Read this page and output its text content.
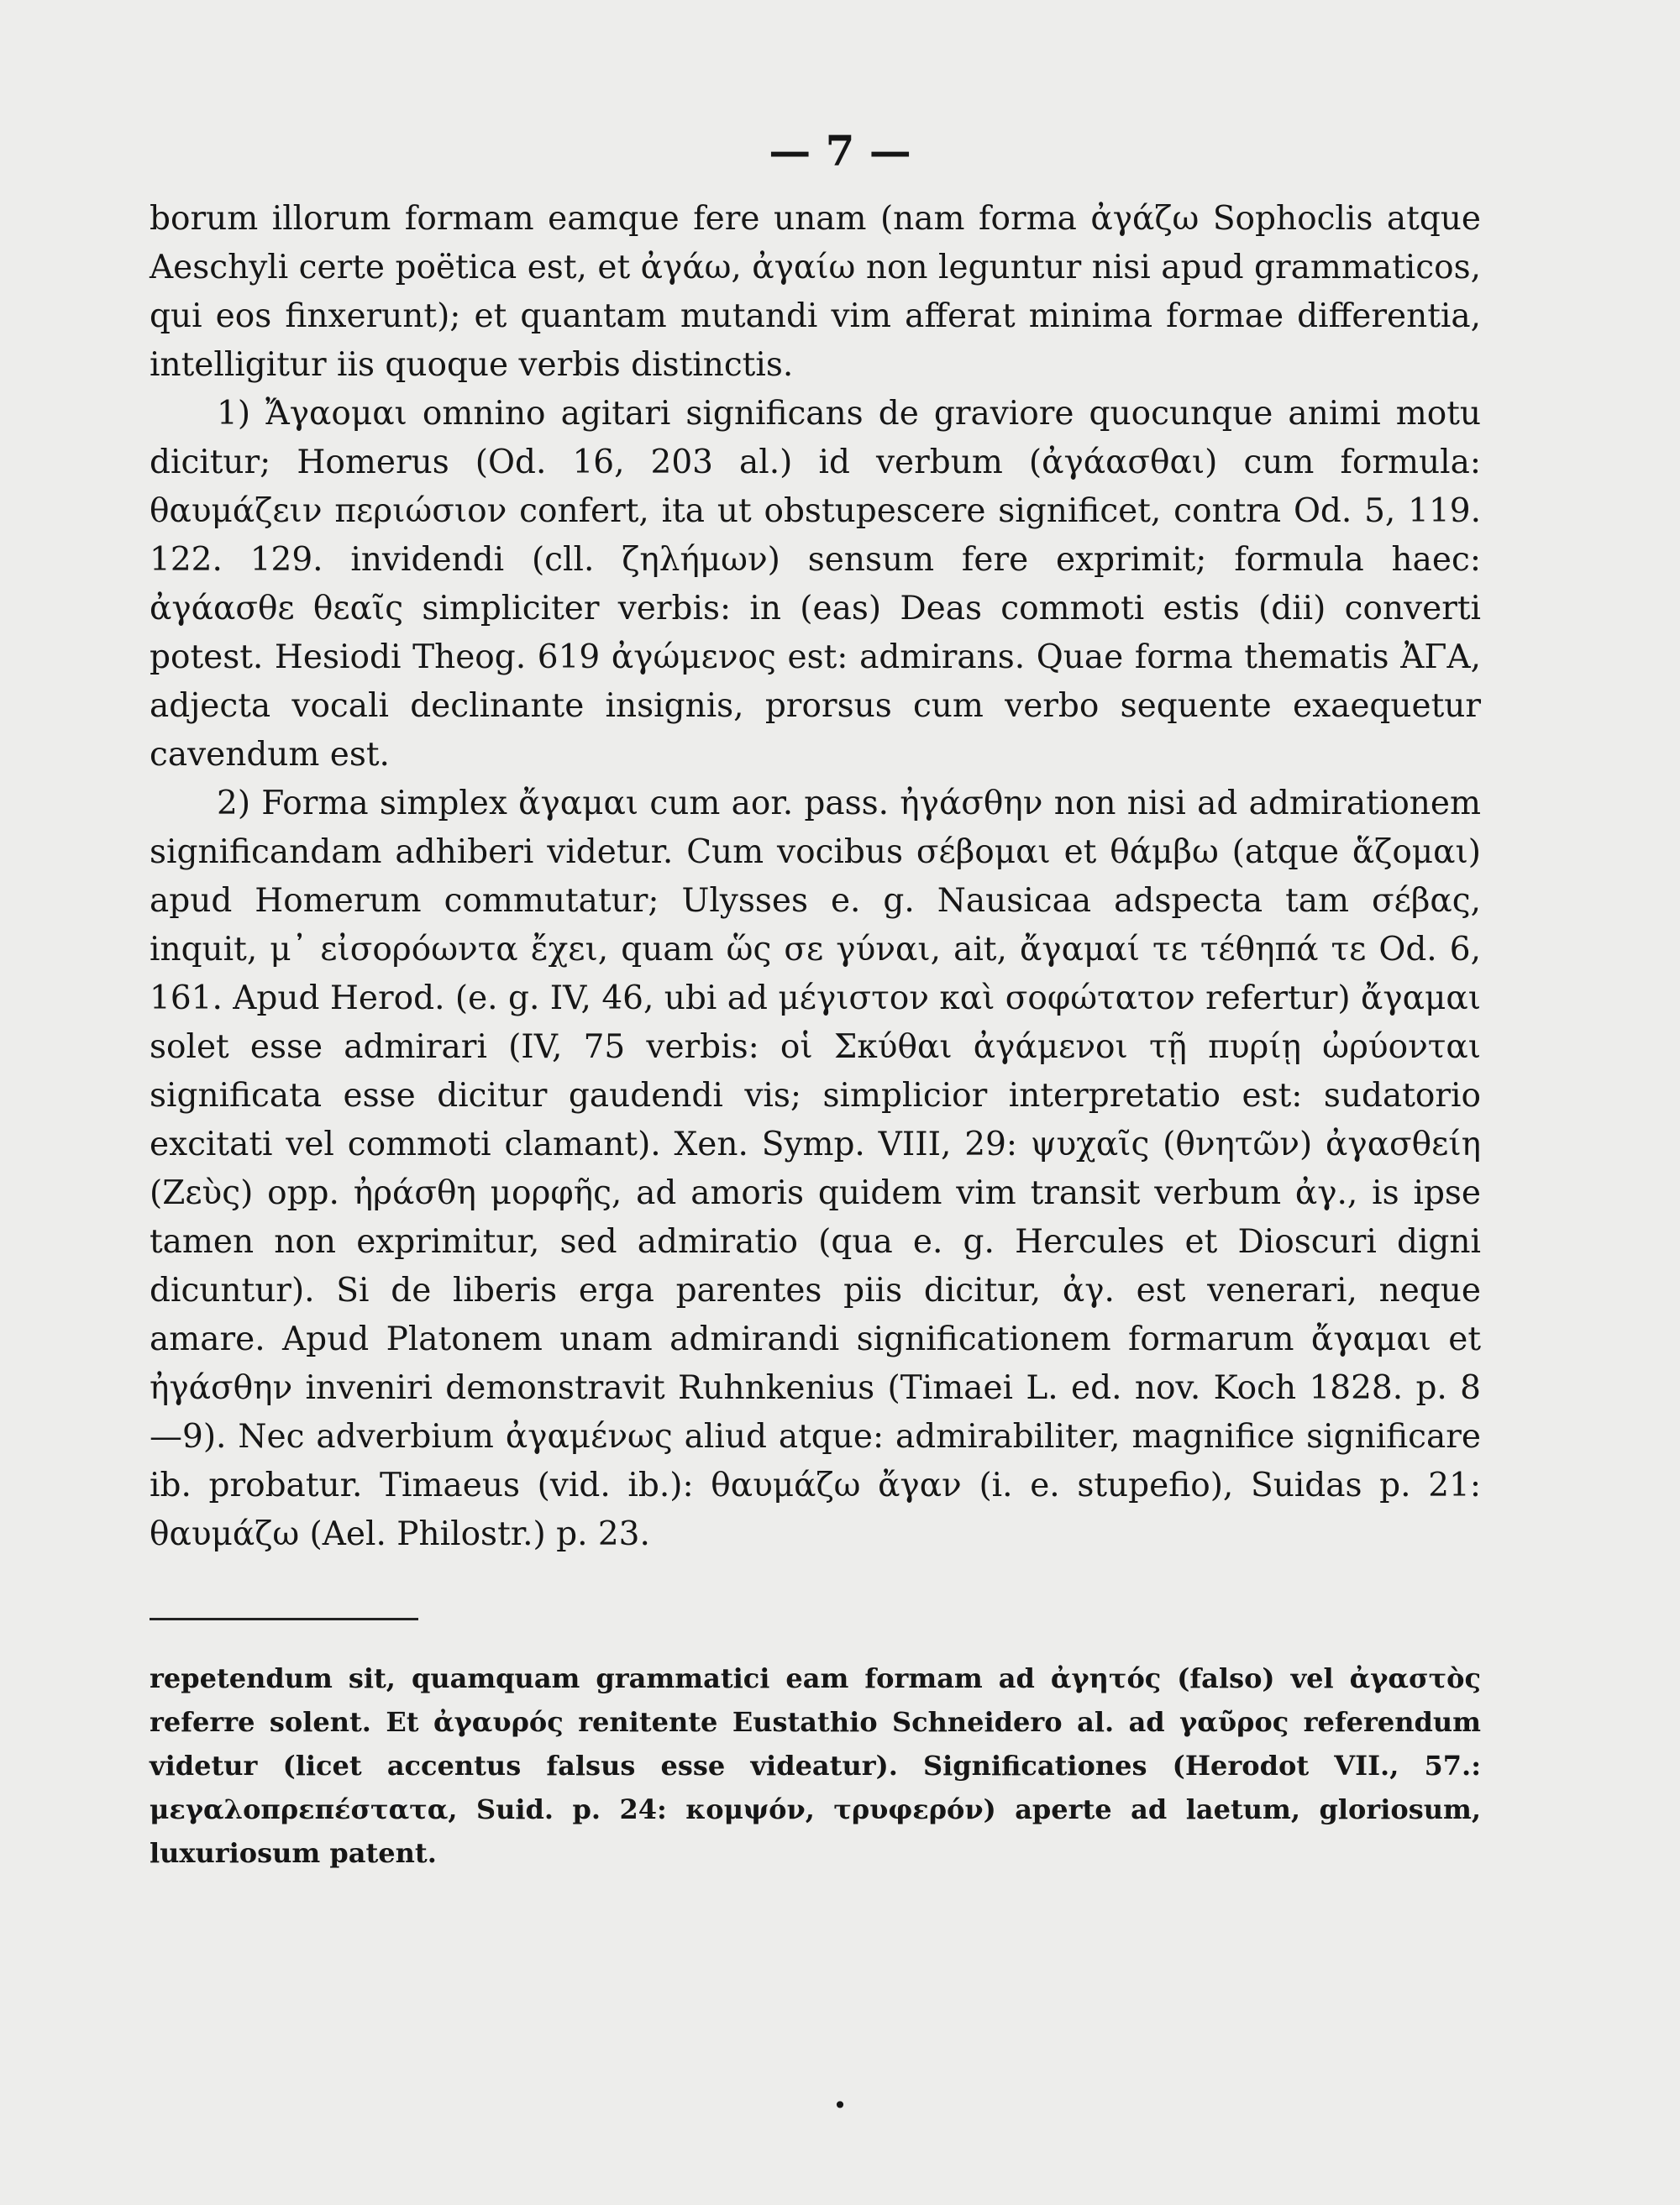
— 7 —

borum illorum formam eamque fere unam (nam forma ἀγάζω Sophoclis atque Aeschyli certe poëtica est, et ἀγάω, ἀγαίω non leguntur nisi apud grammaticos, qui eos finxerunt); et quantam mutandi vim afferat minima formae differentia, intelligitur iis quoque verbis distinctis.

1) Ἄγαομαι omnino agitari significans de graviore quocunque animi motu dicitur; Homerus (Od. 16, 203 al.) id verbum (ἀγάασθαι) cum formula: θαυμάζειν περιώσιον confert, ita ut obstupescere significet, contra Od. 5, 119. 122. 129. invidendi (cll. ζηλήμων) sensum fere exprimit; formula haec: ἀγάασθε θεαῖς simpliciter verbis: in (eas) Deas commoti estis (dii) converti potest. Hesiodi Theog. 619 ἀγώμενος est: admirans. Quae forma thematis ἈΓΑ, adjecta vocali declinante insignis, prorsus cum verbo sequente exaequetur cavendum est.

2) Forma simplex ἄγαμαι cum aor. pass. ἠγάσθην non nisi ad admirationem significandam adhiberi videtur. Cum vocibus σέβομαι et θάμβω (atque ἅζομαι) apud Homerum commutatur; Ulysses e. g. Nausicaa adspecta tam σέβας, inquit, μ᾽ εἰσορόωντα ἔχει, quam ὥς σε γύναι, ait, ἄγαμαί τε τέθηπά τε Od. 6, 161. Apud Herod. (e. g. IV, 46, ubi ad μέγιστον καὶ σοφώτατον refertur) ἄγαμαι solet esse admirari (IV, 75 verbis: οἱ Σκύθαι ἀγάμενοι τῇ πυρίῃ ὠρύονται significata esse dicitur gaudendi vis; simplicior interpretatio est: sudatorio excitati vel commoti clamant). Xen. Symp. VIII, 29: ψυχαῖς (θνητῶν) ἀγασθείη (Ζεὺς) opp. ἠράσθη μορφῆς, ad amoris quidem vim transit verbum ἀγ., is ipse tamen non exprimitur, sed admiratio (qua e. g. Hercules et Dioscuri digni dicuntur). Si de liberis erga parentes piis dicitur, ἀγ. est venerari, neque amare. Apud Platonem unam admirandi significationem formarum ἄγαμαι et ἠγάσθην inveniri demonstravit Ruhnkenius (Timaei L. ed. nov. Koch 1828. p. 8—9). Nec adverbium ἀγαμένως aliud atque: admirabiliter, magnifice significare ib. probatur. Timaeus (vid. ib.): θαυμάζω ἄγαν (i. e. stupefio), Suidas p. 21: θαυμάζω (Ael. Philostr.) p. 23.

repetendum sit, quamquam grammatici eam formam ad ἀγητός (falso) vel ἀγαστὸς referre solent. Et ἀγαυρός renitente Eustathio Schneidero al. ad γαῦρος referendum videtur (licet accentus falsus esse videatur). Significationes (Herodot VII., 57.: μεγαλοπρεπέστατα, Suid. p. 24: κομψόν, τρυφερόν) aperte ad laetum, gloriosum, luxuriosum patent.

•
